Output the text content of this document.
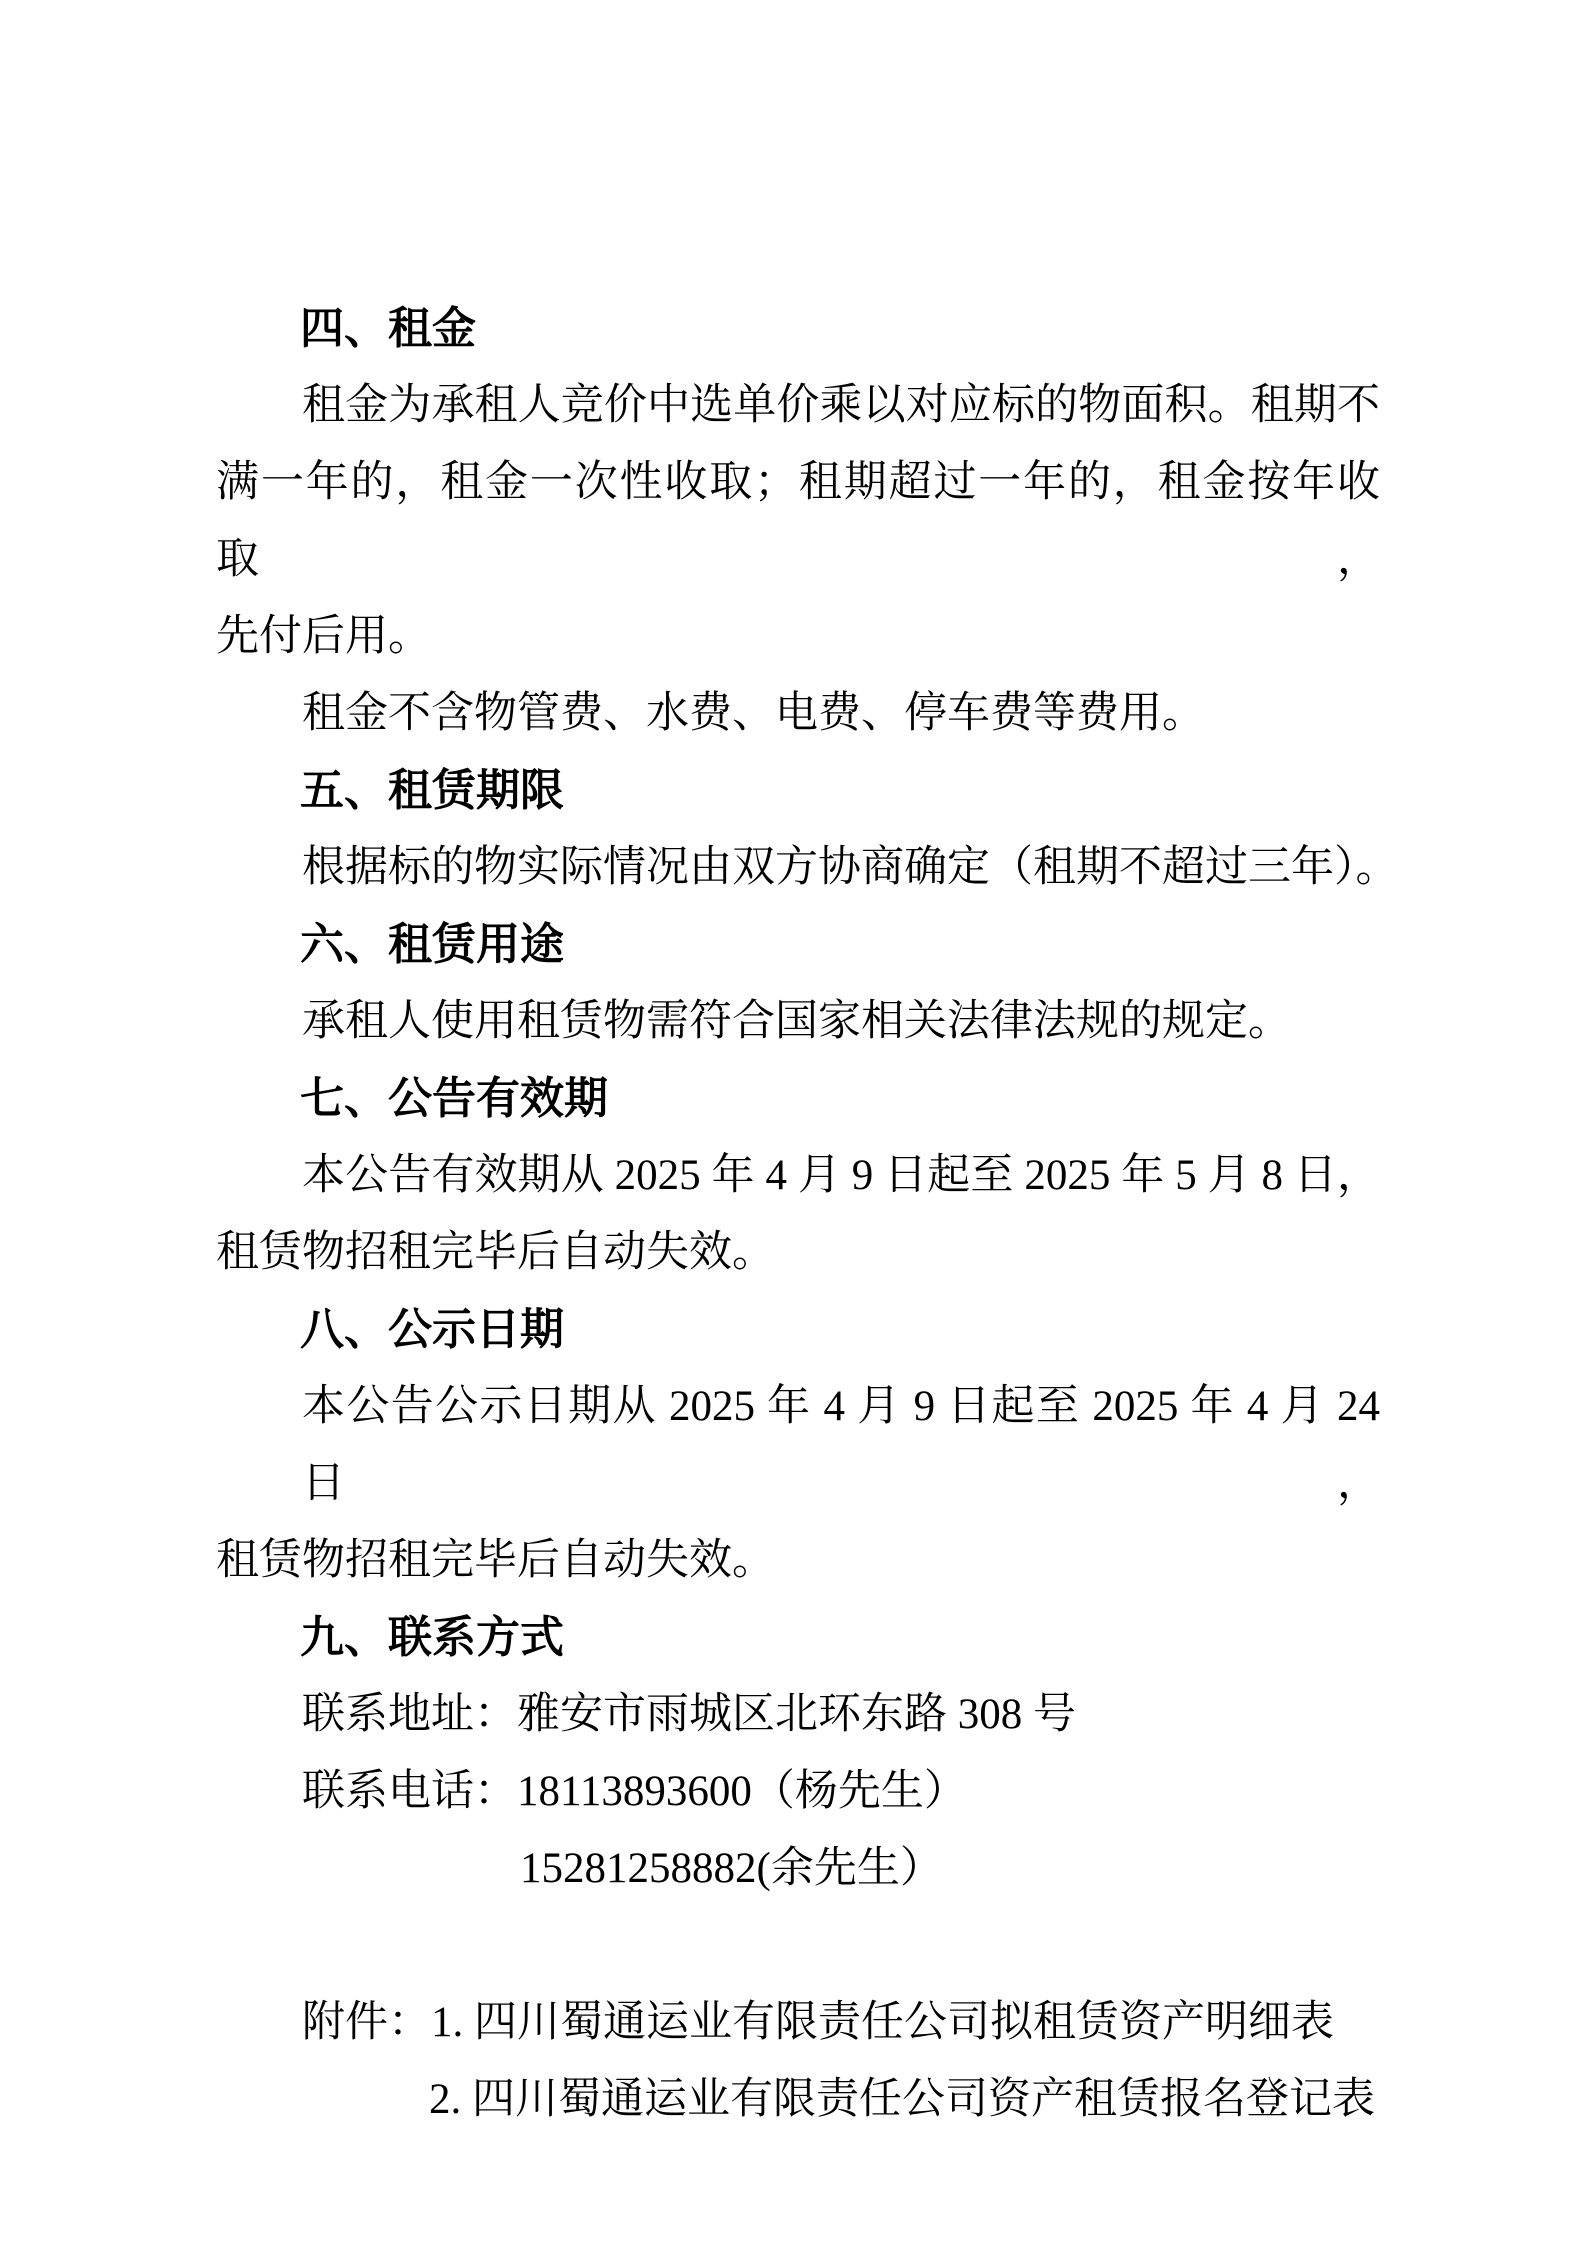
四、租金
租金为承租人竞价中选单价乘以对应标的物面积。租期不
满一年的，租金一次性收取；租期超过一年的，租金按年收取，
先付后用。
租金不含物管费、水费、电费、停车费等费用。
五、租赁期限
根据标的物实际情况由双方协商确定（租期不超过三年）。
六、租赁用途
承租人使用租赁物需符合国家相关法律法规的规定。
七、公告有效期
本公告有效期从 2025 年 4 月 9 日起至 2025 年 5 月 8 日，
租赁物招租完毕后自动失效。
八、公示日期
本公告公示日期从 2025 年 4 月 9 日起至 2025 年 4 月 24 日，
租赁物招租完毕后自动失效。
九、联系方式
联系地址：雅安市雨城区北环东路 308 号
联系电话：18113893600（杨先生）
15281258882(余先生）
附件：1. 四川蜀通运业有限责任公司拟租赁资产明细表
2. 四川蜀通运业有限责任公司资产租赁报名登记表
